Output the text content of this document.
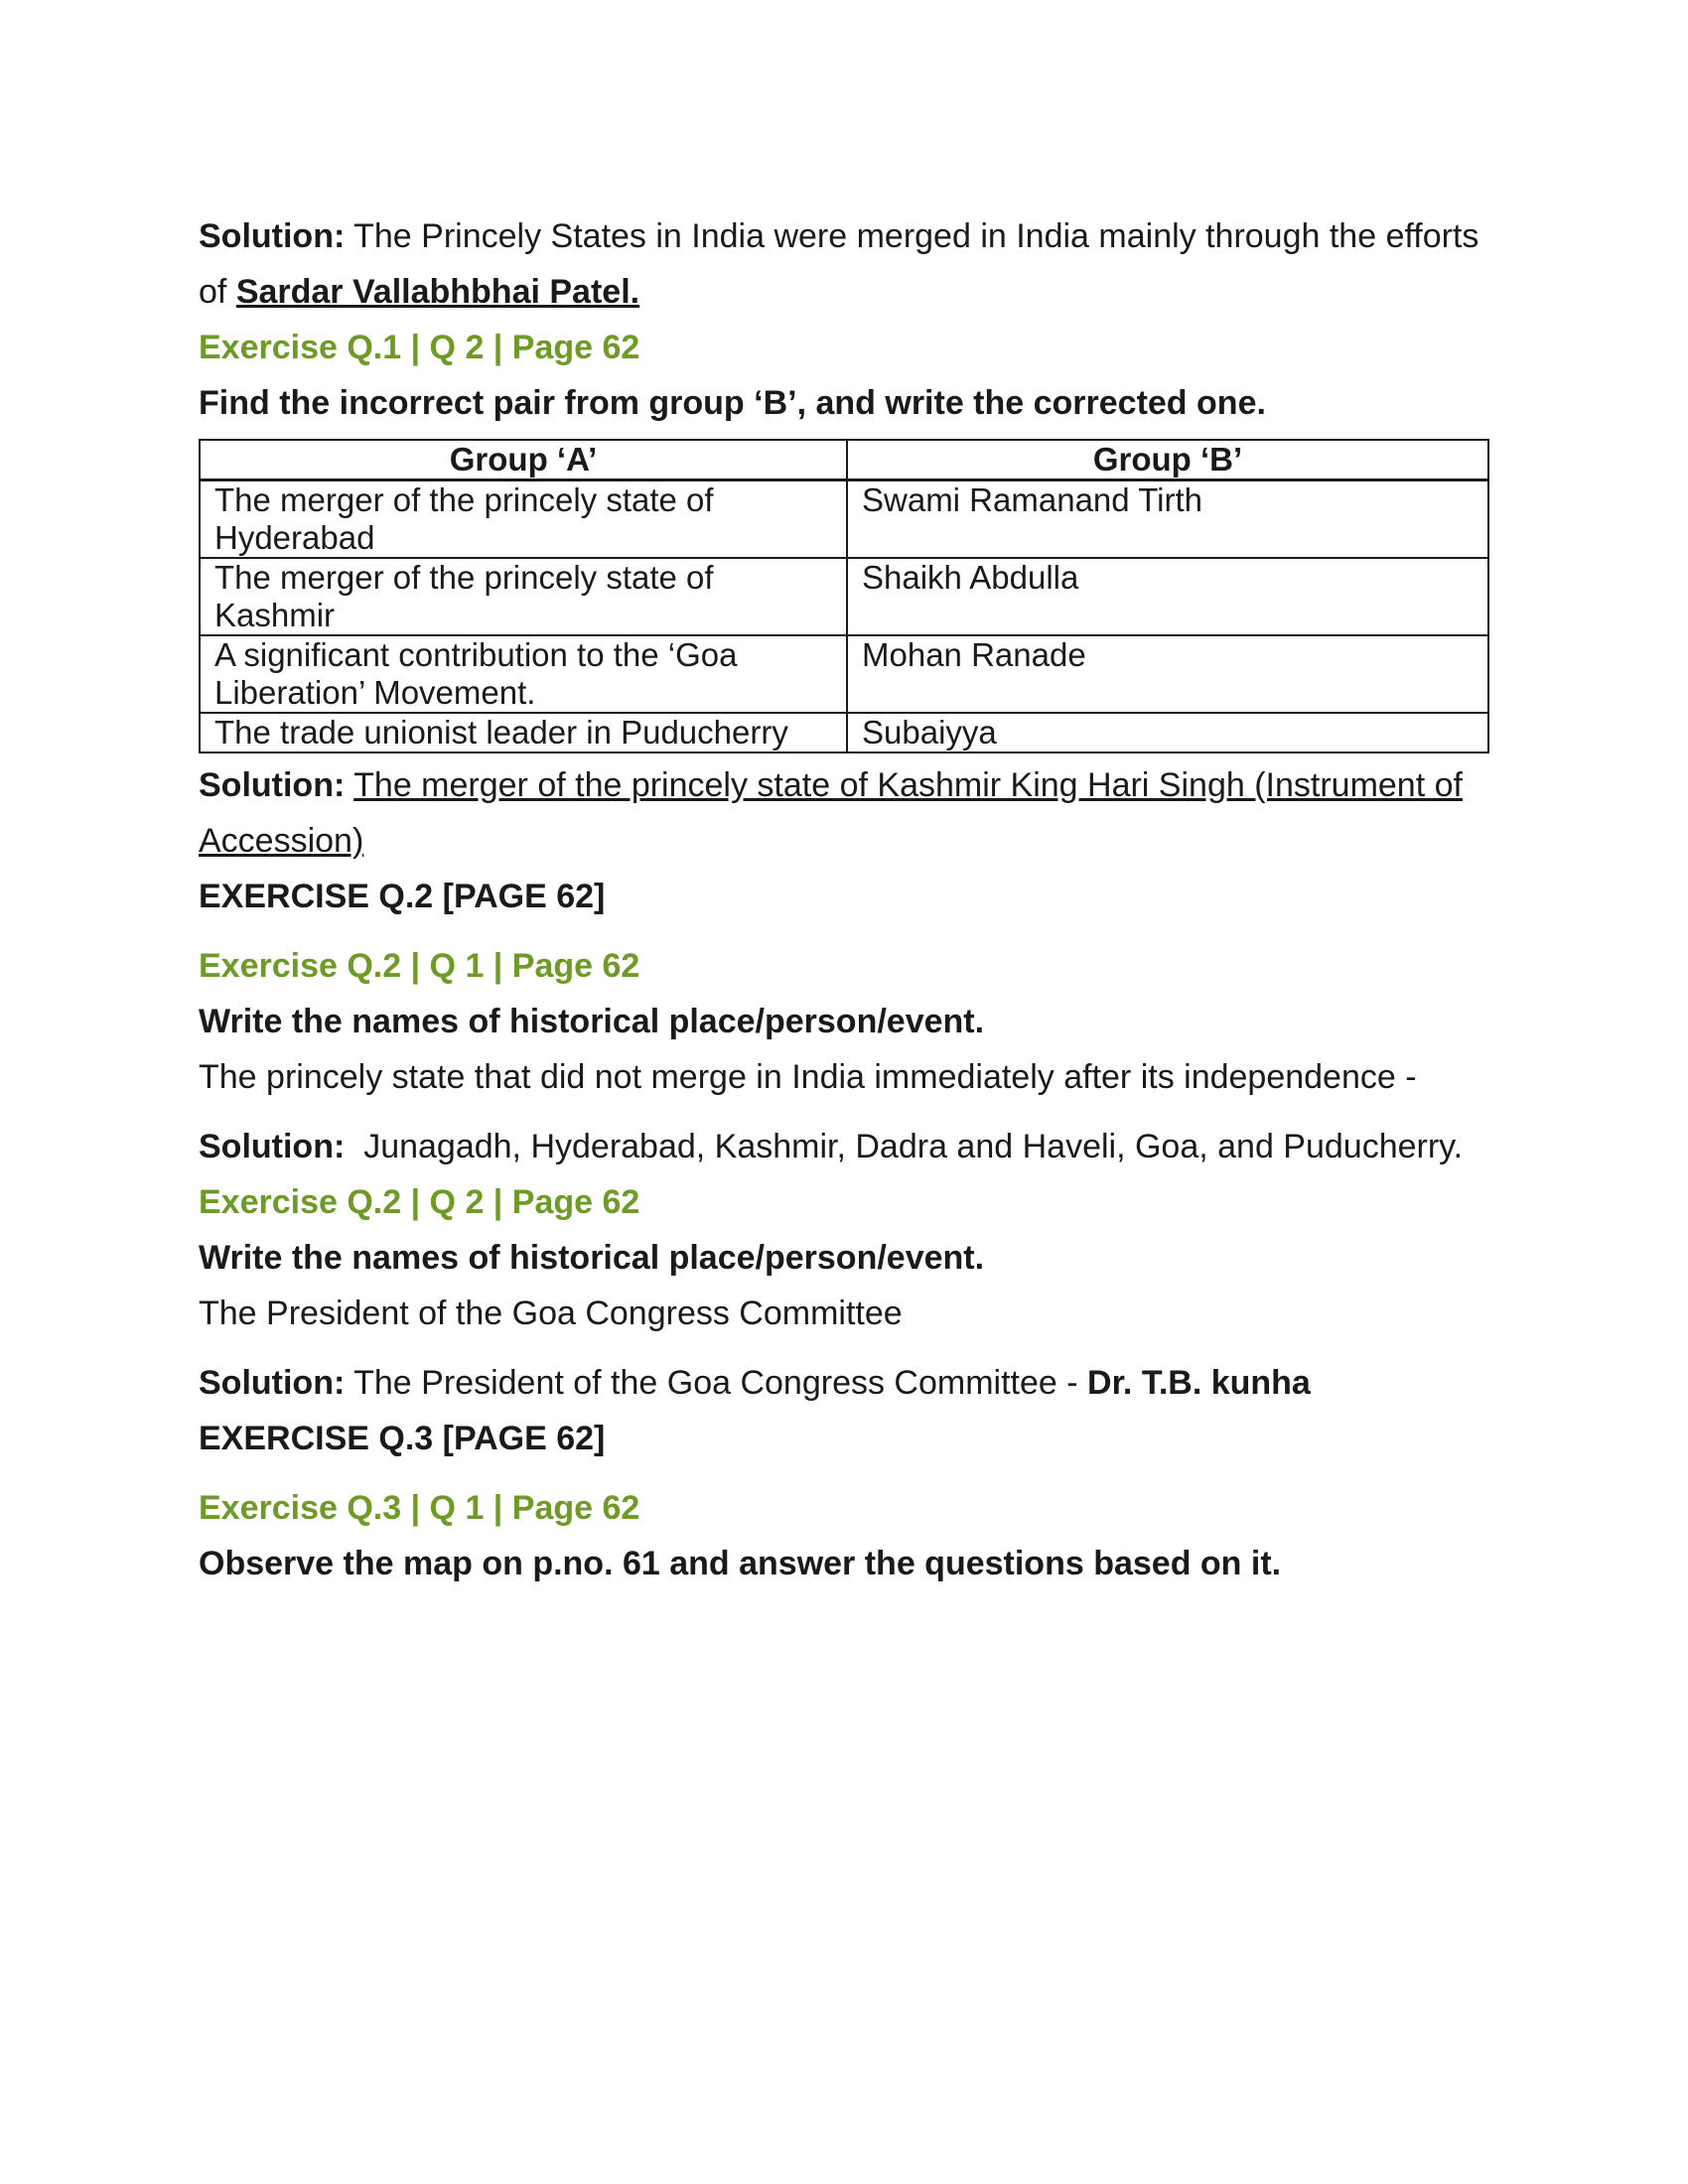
Solution: The Princely States in India were merged in India mainly through the efforts

of Sardar Vallabhbhai Patel.

Exercise Q.1 | Q 2 | Page 62

Find the incorrect pair from group ‘B’, and write the corrected one.

Group ‘A’	Group ‘B’
The merger of the princely state of Hyderabad	Swami Ramanand Tirth
The merger of the princely state of Kashmir	Shaikh Abdulla
A significant contribution to the ‘Goa Liberation’ Movement.	Mohan Ranade
The trade unionist leader in Puducherry	Subaiyya

Solution: The merger of the princely state of Kashmir King Hari Singh (Instrument of

Accession)

EXERCISE Q.2 [PAGE 62]

Exercise Q.2 | Q 1 | Page 62

Write the names of historical place/person/event.

The princely state that did not merge in India immediately after its independence -

Solution:  Junagadh, Hyderabad, Kashmir, Dadra and Haveli, Goa, and Puducherry.

Exercise Q.2 | Q 2 | Page 62

Write the names of historical place/person/event.

The President of the Goa Congress Committee

Solution: The President of the Goa Congress Committee - Dr. T.B. kunha

EXERCISE Q.3 [PAGE 62]

Exercise Q.3 | Q 1 | Page 62

Observe the map on p.no. 61 and answer the questions based on it.
